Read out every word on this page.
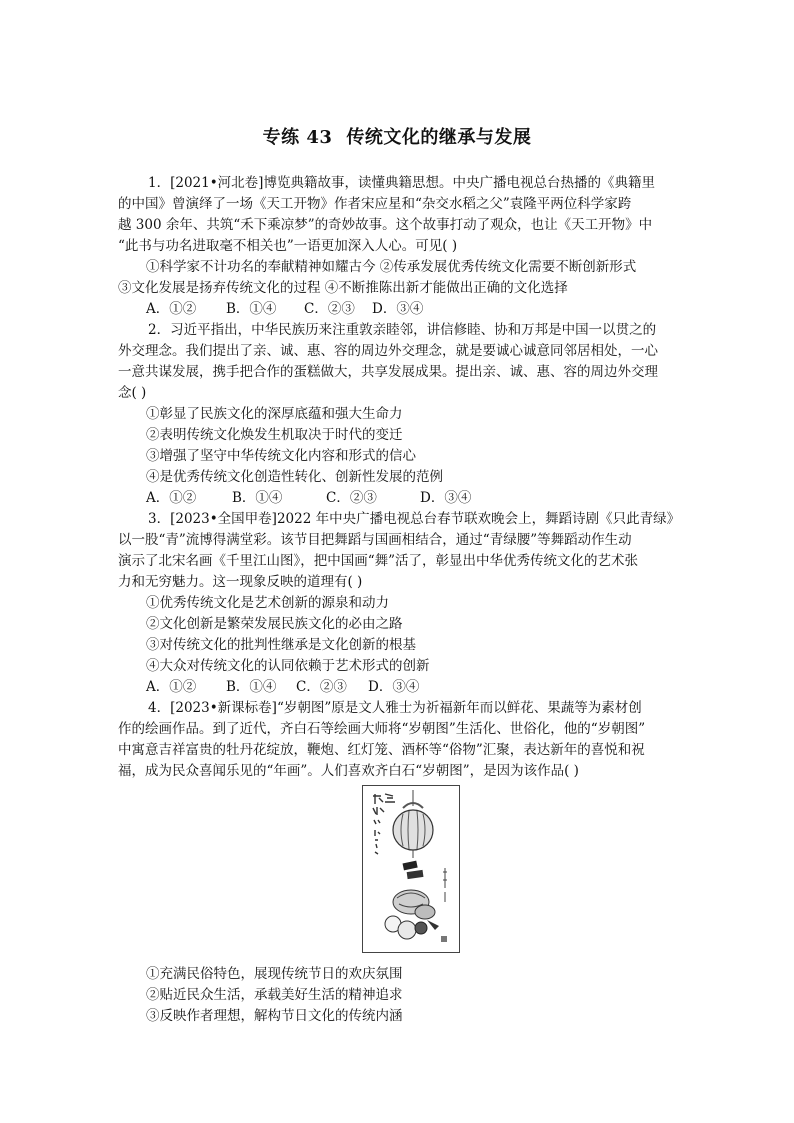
专练 43 传统文化的继承与发展
1．[2021•河北卷]博览典籍故事，读懂典籍思想。中央广播电视总台热播的《典籍里
的中国》曾演绎了一场《天工开物》作者宋应星和“杂交水稻之父”袁隆平两位科学家跨
越 300 余年、共筑“禾下乘凉梦”的奇妙故事。这个故事打动了观众，也让《天工开物》中
“此书与功名进取毫不相关也”一语更加深入人心。可见( )
①科学家不计功名的奉献精神如耀古今 ②传承发展优秀传统文化需要不断创新形式
③文化发展是扬弃传统文化的过程 ④不断推陈出新才能做出正确的文化选择
A．①② B．①④ C．②③ D．③④
2．习近平指出，中华民族历来注重敦亲睦邻，讲信修睦、协和万邦是中国一以贯之的
外交理念。我们提出了亲、诚、惠、容的周边外交理念，就是要诚心诚意同邻居相处，一心
一意共谋发展，携手把合作的蛋糕做大，共享发展成果。提出亲、诚、惠、容的周边外交理
念( )
①彰显了民族文化的深厚底蕴和强大生命力
②表明传统文化焕发生机取决于时代的变迁
③增强了坚守中华传统文化内容和形式的信心
④是优秀传统文化创造性转化、创新性发展的范例
A．①②	B．①④	C．②③	D．③④
3．[2023•全国甲卷]2022 年中央广播电视总台春节联欢晚会上，舞蹈诗剧《只此青绿》
以一股“青”流博得满堂彩。该节目把舞蹈与国画相结合，通过“青绿腰”等舞蹈动作生动
演示了北宋名画《千里江山图》，把中国画“舞”活了，彰显出中华优秀传统文化的艺术张
力和无穷魅力。这一现象反映的道理有( )
①优秀传统文化是艺术创新的源泉和动力
②文化创新是繁荣发展民族文化的必由之路
③对传统文化的批判性继承是文化创新的根基
④大众对传统文化的认同依赖于艺术形式的创新
A．①② B．①④ C．②③ D．③④
4．[2023•新课标卷]“岁朝图”原是文人雅士为祈福新年而以鲜花、果蔬等为素材创
作的绘画作品。到了近代，齐白石等绘画大师将“岁朝图”生活化、世俗化，他的“岁朝图”
中寓意吉祥富贵的牡丹花绽放，鞭炮、红灯笼、酒杯等“俗物”汇聚，表达新年的喜悦和祝
福，成为民众喜闻乐见的“年画”。人们喜欢齐白石“岁朝图”，是因为该作品( )
①充满民俗特色，展现传统节日的欢庆氛围
②贴近民众生活，承载美好生活的精神追求
③反映作者理想，解构节日文化的传统内涵
